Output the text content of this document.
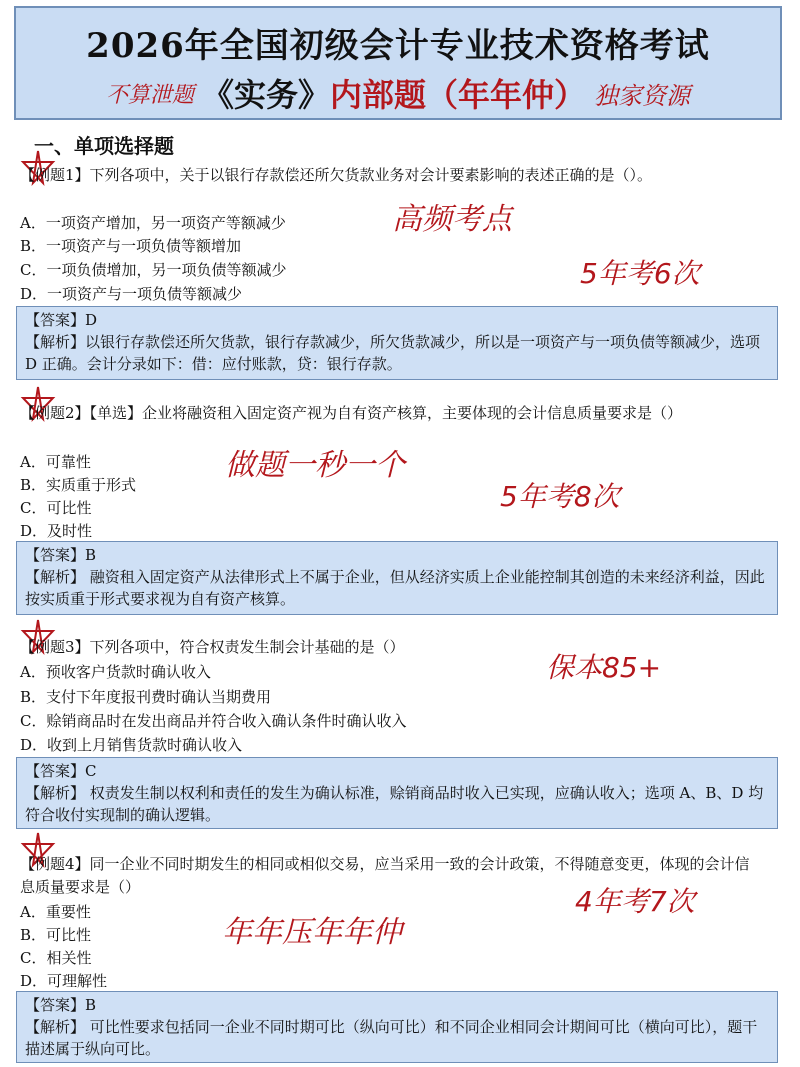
2026年全国初级会计专业技术资格考试
不算泄题 《实务》内部题（年年仲） 独家资源
一、单项选择题
【例题1】下列各项中，关于以银行存款偿还所欠货款业务对会计要素影响的表述正确的是（）。
A．一项资产增加，另一项资产等额减少
B．一项资产与一项负债等额增加
C．一项负债增加，另一项负债等额减少
D．一项资产与一项负债等额减少
【答案】D
【解析】以银行存款偿还所欠货款，银行存款减少，所欠货款减少，所以是一项资产与一项负债等额减少，选项 D 正确。会计分录如下：借：应付账款，贷：银行存款。
高频考点
5年考6次
【例题2】【单选】企业将融资租入固定资产视为自有资产核算，主要体现的会计信息质量要求是（）
A．可靠性
B．实质重于形式
C．可比性
D．及时性
【答案】B
【解析】 融资租入固定资产从法律形式上不属于企业，但从经济实质上企业能控制其创造的未来经济利益，因此按实质重于形式要求视为自有资产核算。
做题一秒一个
5年考8次
【例题3】下列各项中，符合权责发生制会计基础的是（）
A．预收客户货款时确认收入
B．支付下年度报刊费时确认当期费用
C．赊销商品时在发出商品并符合收入确认条件时确认收入
D．收到上月销售货款时确认收入
【答案】C
【解析】 权责发生制以权利和责任的发生为确认标准，赊销商品时收入已实现，应确认收入；选项 A、B、D 均符合收付实现制的确认逻辑。
保本85+
【例题4】同一企业不同时期发生的相同或相似交易，应当采用一致的会计政策，不得随意变更，体现的会计信息质量要求是（）
A．重要性
B．可比性
C．相关性
D．可理解性
【答案】B
【解析】 可比性要求包括同一企业不同时期可比（纵向可比）和不同企业相同会计期间可比（横向可比），题干描述属于纵向可比。
4年考7次
年年压年年仲
